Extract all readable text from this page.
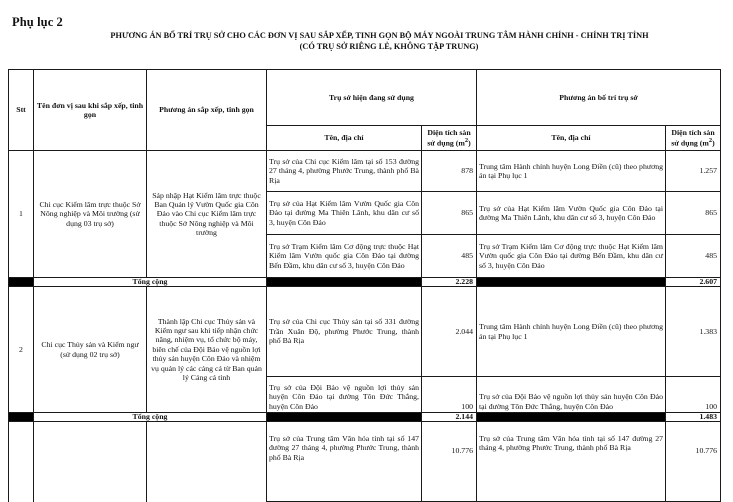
Phụ lục 2
PHƯƠNG ÁN BỐ TRÍ TRỤ SỞ CHO CÁC ĐƠN VỊ SAU SẮP XẾP, TINH GỌN BỘ MÁY NGOÀI TRUNG TÂM HÀNH CHÍNH - CHÍNH TRỊ TỈNH
(CÓ TRỤ SỞ RIÊNG LẺ, KHÔNG TẬP TRUNG)
Stt	Tên đơn vị sau khi sắp xếp, tinh gọn	Phương án sắp xếp, tinh gọn	Trụ sở hiện đang sử dụng		Phương án bố trí trụ sở	
			Tên, địa chỉ	Diện tích sàn sử dụng $(m^2)$	Tên, địa chỉ	Diện tích sàn sử dụng $(m^2)$
1	Chi cục Kiểm lâm trực thuộc Sở Nông nghiệp và Môi trường (sử dụng 03 trụ sở)	Sáp nhập Hạt Kiểm lâm trực thuộc Ban Quản lý Vườn Quốc gia Côn Đảo vào Chi cục Kiểm lâm trực thuộc Sở Nông nghiệp và Môi trường	Trụ sở của Chi cục Kiểm lâm tại số 153 đường 27 tháng 4, phường Phước Trung, thành phố Bà Rịa	878	Trung tâm Hành chính huyện Long Điền (cũ) theo phương án tại Phụ lục 1	1.257
			Trụ sở của Hạt Kiểm lâm Vườn Quốc gia Côn Đảo tại đường Ma Thiên Lãnh, khu dân cư số 3, huyện Côn Đảo	865	Trụ sở của Hạt Kiểm lâm Vườn Quốc gia Côn Đảo tại đường Ma Thiên Lãnh, khu dân cư số 3, huyện Côn Đảo	865
			Trụ sở Trạm Kiểm lâm Cơ động trực thuộc Hạt Kiểm lâm Vườn quốc gia Côn Đảo tại đường Bến Đầm, khu dân cư số 3, huyện Côn Đảo	485	Trụ sở Trạm Kiểm lâm Cơ động trực thuộc Hạt Kiểm lâm Vườn quốc gia Côn Đảo tại đường Bến Đầm, khu dân cư số 3, huyện Côn Đảo	485
	Tổng cộng			2.228		2.607
2	Chi cục Thủy sản và Kiểm ngư (sử dụng 02 trụ sở)	Thành lập Chi cục Thủy sản và Kiểm ngư sau khi tiếp nhận chức năng, nhiệm vụ, tổ chức bộ máy, biên chế của Đội Bảo vệ nguồn lợi thủy sản huyện Côn Đảo và nhiệm vụ quản lý các cảng cá từ Ban quản lý Cảng cá tỉnh	Trụ sở của Chi cục Thủy sản tại số 331 đường Trần Xuân Độ, phường Phước Trung, thành phố Bà Rịa	2.044	Trung tâm Hành chính huyện Long Điền (cũ) theo phương án tại Phụ lục 1	1.383
			Trụ sở của Đội Bảo vệ nguồn lợi thủy sản huyện Côn Đảo tại đường Tôn Đức Thắng, huyện Côn Đảo	100	Trụ sở của Đội Bảo vệ nguồn lợi thủy sản huyện Côn Đảo tại đường Tôn Đức Thắng, huyện Côn Đảo	100
	Tổng cộng			2.144		1.483
			Trụ sở của Trung tâm Văn hóa tỉnh tại số 147 đường 27 tháng 4, phường Phước Trung, thành phố Bà Rịa	10.776	Trụ sở của Trung tâm Văn hóa tỉnh tại số 147 đường 27 tháng 4, phường Phước Trung, thành phố Bà Rịa	10.776
